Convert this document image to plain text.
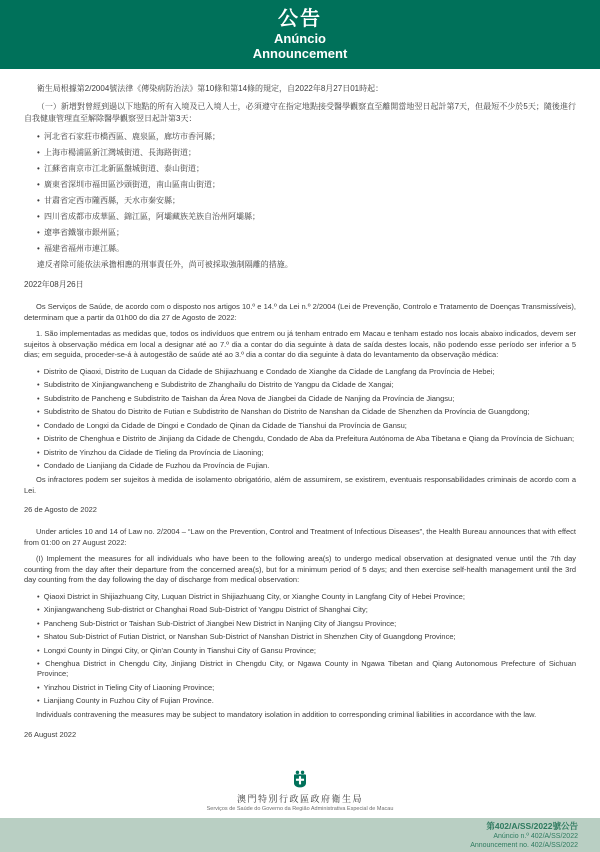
公告
Anúncio
Announcement

衛生局根據第2/2004號法律《傳染病防治法》第10條和第14條的規定，自2022年8月27日01時起：

（一）新增對曾經到過以下地點的所有入境及已入境人士，必須遵守在指定地點接受醫學觀察直至離開當地翌日起計第7天，但最短不少於5天；隨後進行自我健康管理直至解除醫學觀察翌日起計第3天：

• 河北省石家莊市橋西區、鹿泉區，廊坊市香河縣；
• 上海市楊浦區新江灣城街道、長海路街道；
• 江蘇省南京市江北新區盤城街道、泰山街道；
• 廣東省深圳市福田區沙頭街道，南山區南山街道；
• 甘肅省定西市隴西縣，天水市秦安縣；
• 四川省成都市成華區、錦江區，阿壩藏族羌族自治州阿壩縣；
• 遼寧省鐵嶺市銀州區；
• 福建省福州市連江縣。

違反者除可能依法承擔相應的刑事責任外，尚可被採取強制隔離的措施。

2022年08月26日

Os Serviços de Saúde, de acordo com o disposto nos artigos 10.º e 14.º da Lei n.º 2/2004 (Lei de Prevenção, Controlo e Tratamento de Doenças Transmissíveis), determinam que a partir da 01h00 do dia 27 de Agosto de 2022:

1. São implementadas as medidas que, todos os indivíduos que entrem ou já tenham entrado em Macau e tenham estado nos locais abaixo indicados, devem ser sujeitos à observação médica em local a designar até ao 7.º dia a contar do dia seguinte à data de saída destes locais, não podendo esse período ser inferior a 5 dias; em seguida, proceder-se-á à autogestão de saúde até ao 3.º dia a contar do dia seguinte à data do levantamento da observação médica:

• Distrito de Qiaoxi, Distrito de Luquan da Cidade de Shijiazhuang e Condado de Xianghe da Cidade de Langfang da Província de Hebei;
• Subdistrito de Xinjiangwancheng e Subdistrito de Zhanghailu do Distrito de Yangpu da Cidade de Xangai;
• Subdistrito de Pancheng e Subdistrito de Taishan da Área Nova de Jiangbei da Cidade de Nanjing da Província de Jiangsu;
• Subdistrito de Shatou do Distrito de Futian e Subdistrito de Nanshan do Distrito de Nanshan da Cidade de Shenzhen da Província de Guangdong;
• Condado de Longxi da Cidade de Dingxi e Condado de Qinan da Cidade de Tianshui da Província de Gansu;
• Distrito de Chenghua e Distrito de Jinjiang da Cidade de Chengdu, Condado de Aba da Prefeitura Autónoma de Aba Tibetana e Qiang da Província de Sichuan;
• Distrito de Yinzhou da Cidade de Tieling da Província de Liaoning;
• Condado de Lianjiang da Cidade de Fuzhou da Província de Fujian.

Os infractores podem ser sujeitos à medida de isolamento obrigatório, além de assumirem, se existirem, eventuais responsabilidades criminais de acordo com a Lei.

26 de Agosto de 2022

Under articles 10 and 14 of Law no. 2/2004 – “Law on the Prevention, Control and Treatment of Infectious Diseases”, the Health Bureau announces that with effect from 01:00 on 27 August 2022:

(I) Implement the measures for all individuals who have been to the following area(s) to undergo medical observation at designated venue until the 7th day counting from the day after their departure from the concerned area(s), but for a minimum period of 5 days; and then exercise self-health management until the 3rd day counting from the day following the day of discharge from medical observation:

• Qiaoxi District in Shijiazhuang City, Luquan District in Shijiazhuang City, or Xianghe County in Langfang City of Hebei Province;
• Xinjiangwancheng Sub-district or Changhai Road Sub-District of Yangpu District of Shanghai City;
• Pancheng Sub-District or Taishan Sub-District of Jiangbei New District in Nanjing City of Jiangsu Province;
• Shatou Sub-District of Futian District, or Nanshan Sub-District of Nanshan District in Shenzhen City of Guangdong Province;
• Longxi County in Dingxi City, or Qin'an County in Tianshui City of Gansu Province;
• Chenghua District in Chengdu City, Jinjiang District in Chengdu City, or Ngawa County in Ngawa Tibetan and Qiang Autonomous Prefecture of Sichuan Province;
• Yinzhou District in Tieling City of Liaoning Province;
• Lianjiang County in Fuzhou City of Fujian Province.

Individuals contravening the measures may be subject to mandatory isolation in addition to corresponding criminal liabilities in accordance with the law.

26 August 2022

澳門特別行政區政府衛生局
Serviços de Saúde do Governo da Região Administrativa Especial de Macau
第402/A/SS/2022號公告
Anúncio n.º 402/A/SS/2022
Announcement no. 402/A/SS/2022
